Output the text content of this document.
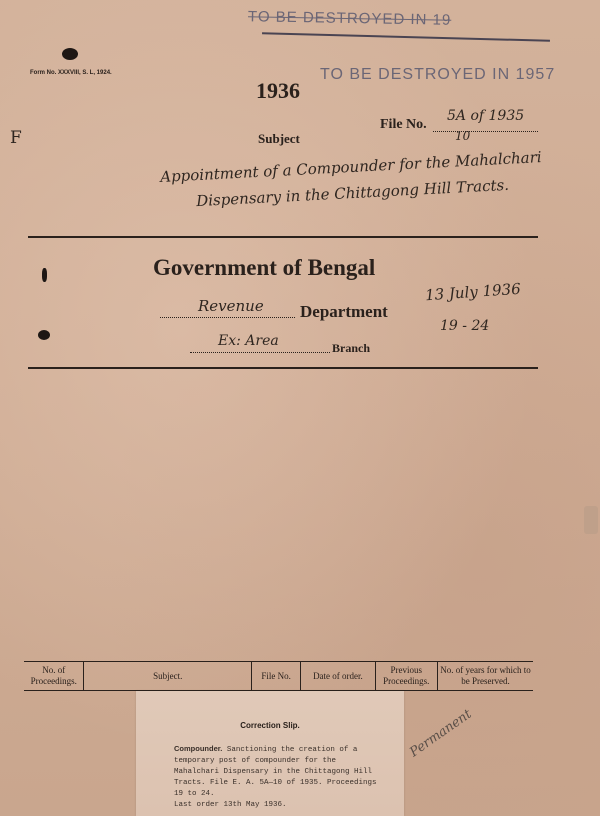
TO BE DESTROYED IN 19
TO BE DESTROYED IN 1957
Form No. XXXVIII, S. L, 1924.
1936
Subject
File No.
5A of 1935
10
F
Appointment of a Compounder for the Mahalchari
Dispensary in the Chittagong Hill Tracts.
Government of Bengal
Revenue Department
Ex: Area	Branch
13 July 1936
19 - 24
No. of Proceedings.	Subject.	File No.	Date of order.	Previous Proceedings.	No. of years for which to be Preserved.
Correction Slip.
Compounder. Sanctioning the creation of a temporary post of compounder for the Mahalchari Dispensary in the Chittagong Hill Tracts. File E. A. 5A—10 of 1935. Proceedings 19 to 24.
Last order 13th May 1936.
Permanent
